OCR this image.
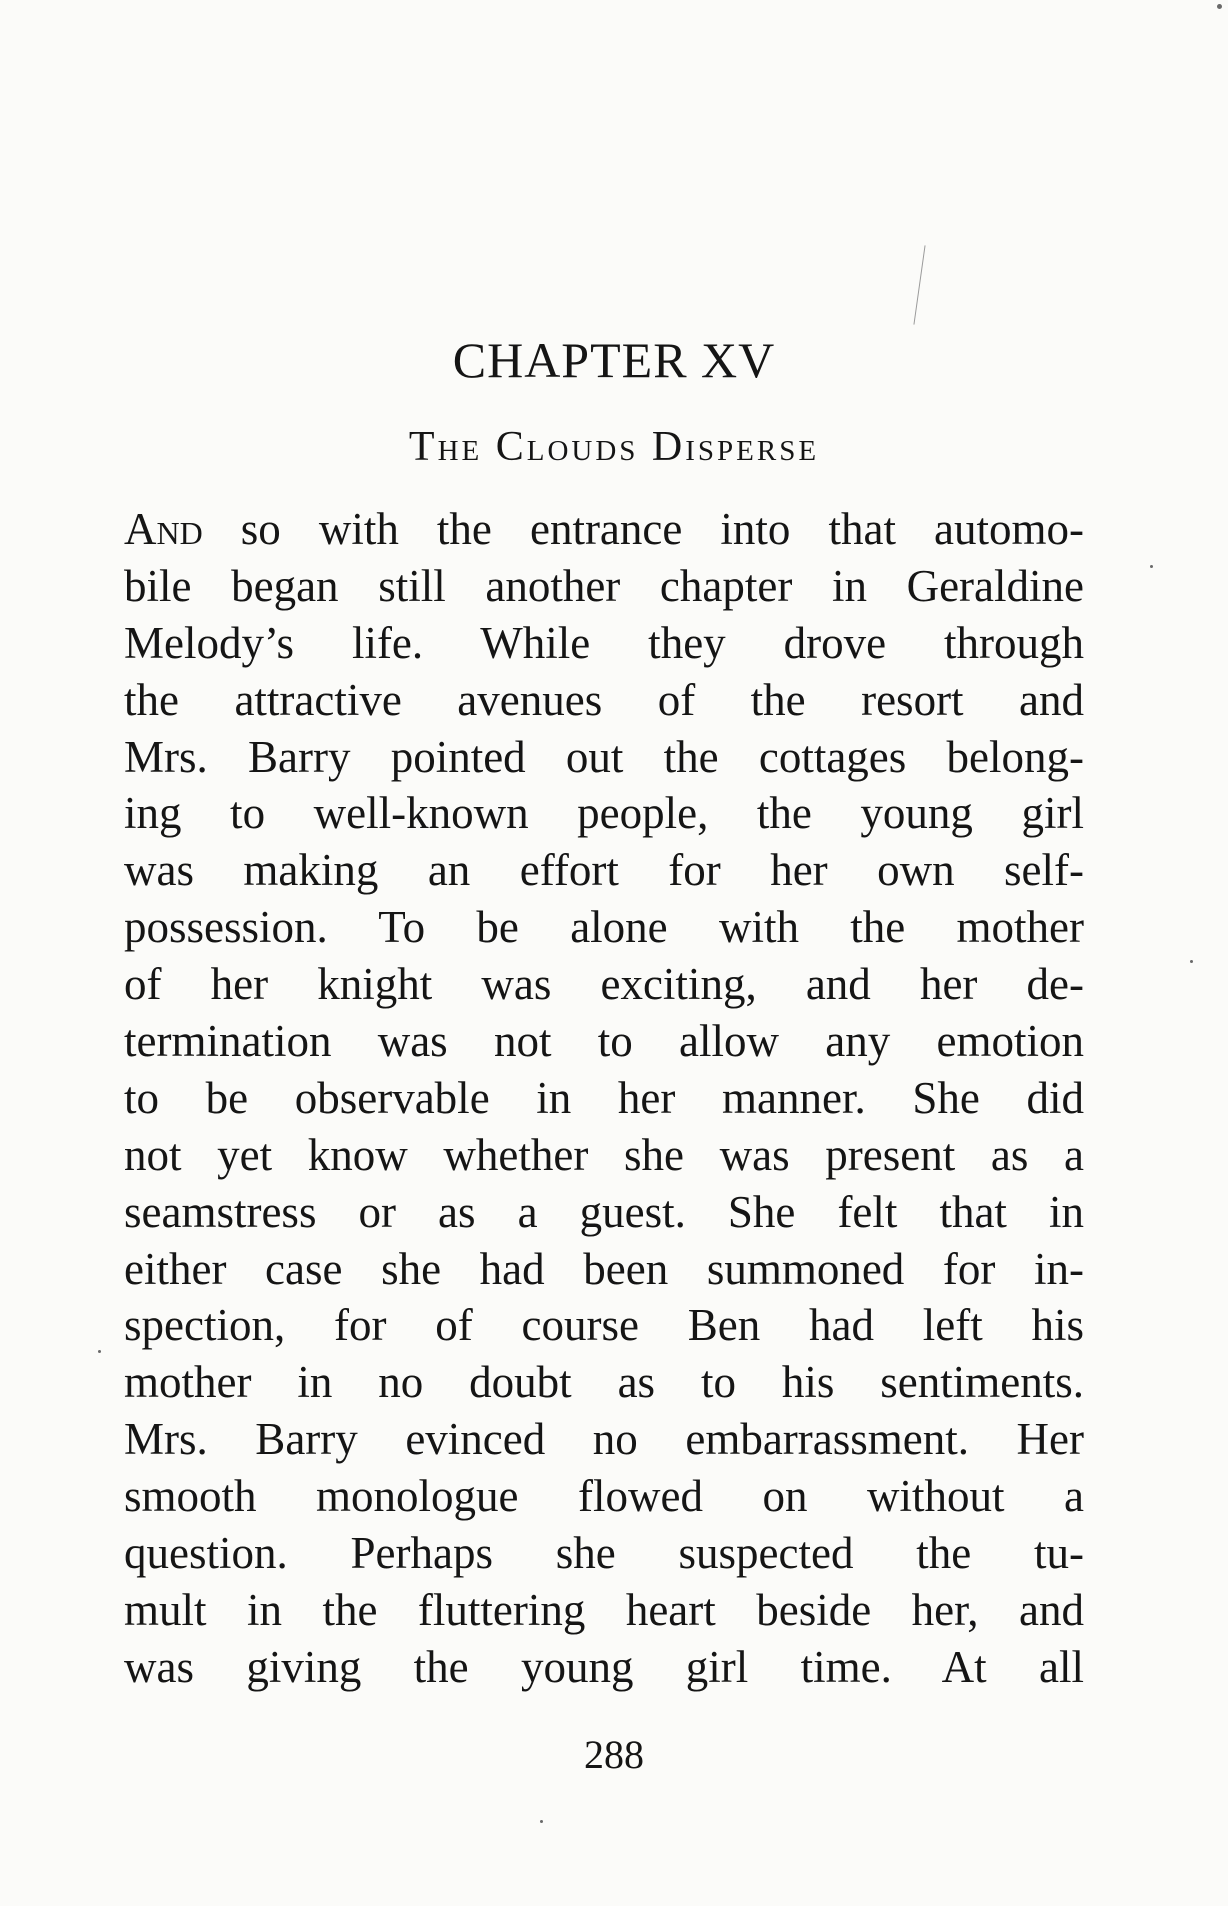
CHAPTER XV
The Clouds Disperse
And so with the entrance into that automo-
bile began still another chapter in Geraldine
Melody’s life. While they drove through
the attractive avenues of the resort and
Mrs. Barry pointed out the cottages belong-
ing to well-known people, the young girl
was making an effort for her own self-
possession. To be alone with the mother
of her knight was exciting, and her de-
termination was not to allow any emotion
to be observable in her manner. She did
not yet know whether she was present as a
seamstress or as a guest. She felt that in
either case she had been summoned for in-
spection, for of course Ben had left his
mother in no doubt as to his sentiments.
Mrs. Barry evinced no embarrassment. Her
smooth monologue flowed on without a
question. Perhaps she suspected the tu-
mult in the fluttering heart beside her, and
was giving the young girl time. At all
288
